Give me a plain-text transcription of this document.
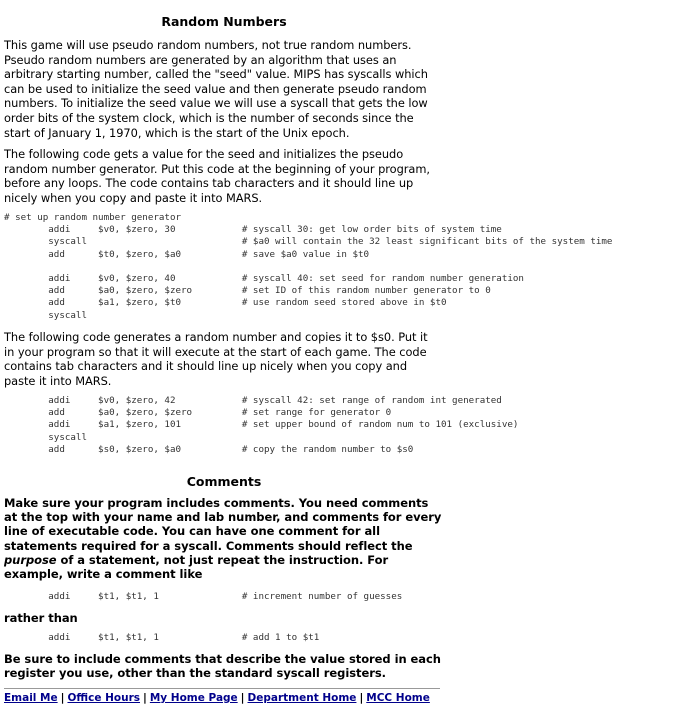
Random Numbers

This game will use pseudo random numbers, not true random numbers. Pseudo random numbers are generated by an algorithm that uses an arbitrary starting number, called the "seed" value. MIPS has syscalls which can be used to initialize the seed value and then generate pseudo random numbers. To initialize the seed value we will use a syscall that gets the low order bits of the system clock, which is the number of seconds since the start of January 1, 1970, which is the start of the Unix epoch.

The following code gets a value for the seed and initializes the pseudo random number generator. Put this code at the beginning of your program, before any loops. The code contains tab characters and it should line up nicely when you copy and paste it into MARS.

# set up random number generator
addi     $v0, $zero, 30            # syscall 30: get low order bits of system time
syscall                            # $a0 will contain the 32 least significant bits of the system time
add      $t0, $zero, $a0           # save $a0 value in $t0

addi     $v0, $zero, 40            # syscall 40: set seed for random number generation
add      $a0, $zero, $zero         # set ID of this random number generator to 0
add      $a1, $zero, $t0           # use random seed stored above in $t0
syscall

The following code generates a random number and copies it to $s0. Put it in your program so that it will execute at the start of each game. The code contains tab characters and it should line up nicely when you copy and paste it into MARS.

addi     $v0, $zero, 42            # syscall 42: set range of random int generated
add      $a0, $zero, $zero         # set range for generator 0
addi     $a1, $zero, 101           # set upper bound of random num to 101 (exclusive)
syscall
add      $s0, $zero, $a0           # copy the random number to $s0
Comments

Make sure your program includes comments. You need comments at the top with your name and lab number, and comments for every line of executable code. You can have one comment for all statements required for a syscall. Comments should reflect the purpose of a statement, not just repeat the instruction. For example, write a comment like

addi     $t1, $t1, 1               # increment number of guesses

rather than

addi     $t1, $t1, 1               # add 1 to $t1

Be sure to include comments that describe the value stored in each register you use, other than the standard syscall registers.

Email Me | Office Hours | My Home Page | Department Home | MCC Home
